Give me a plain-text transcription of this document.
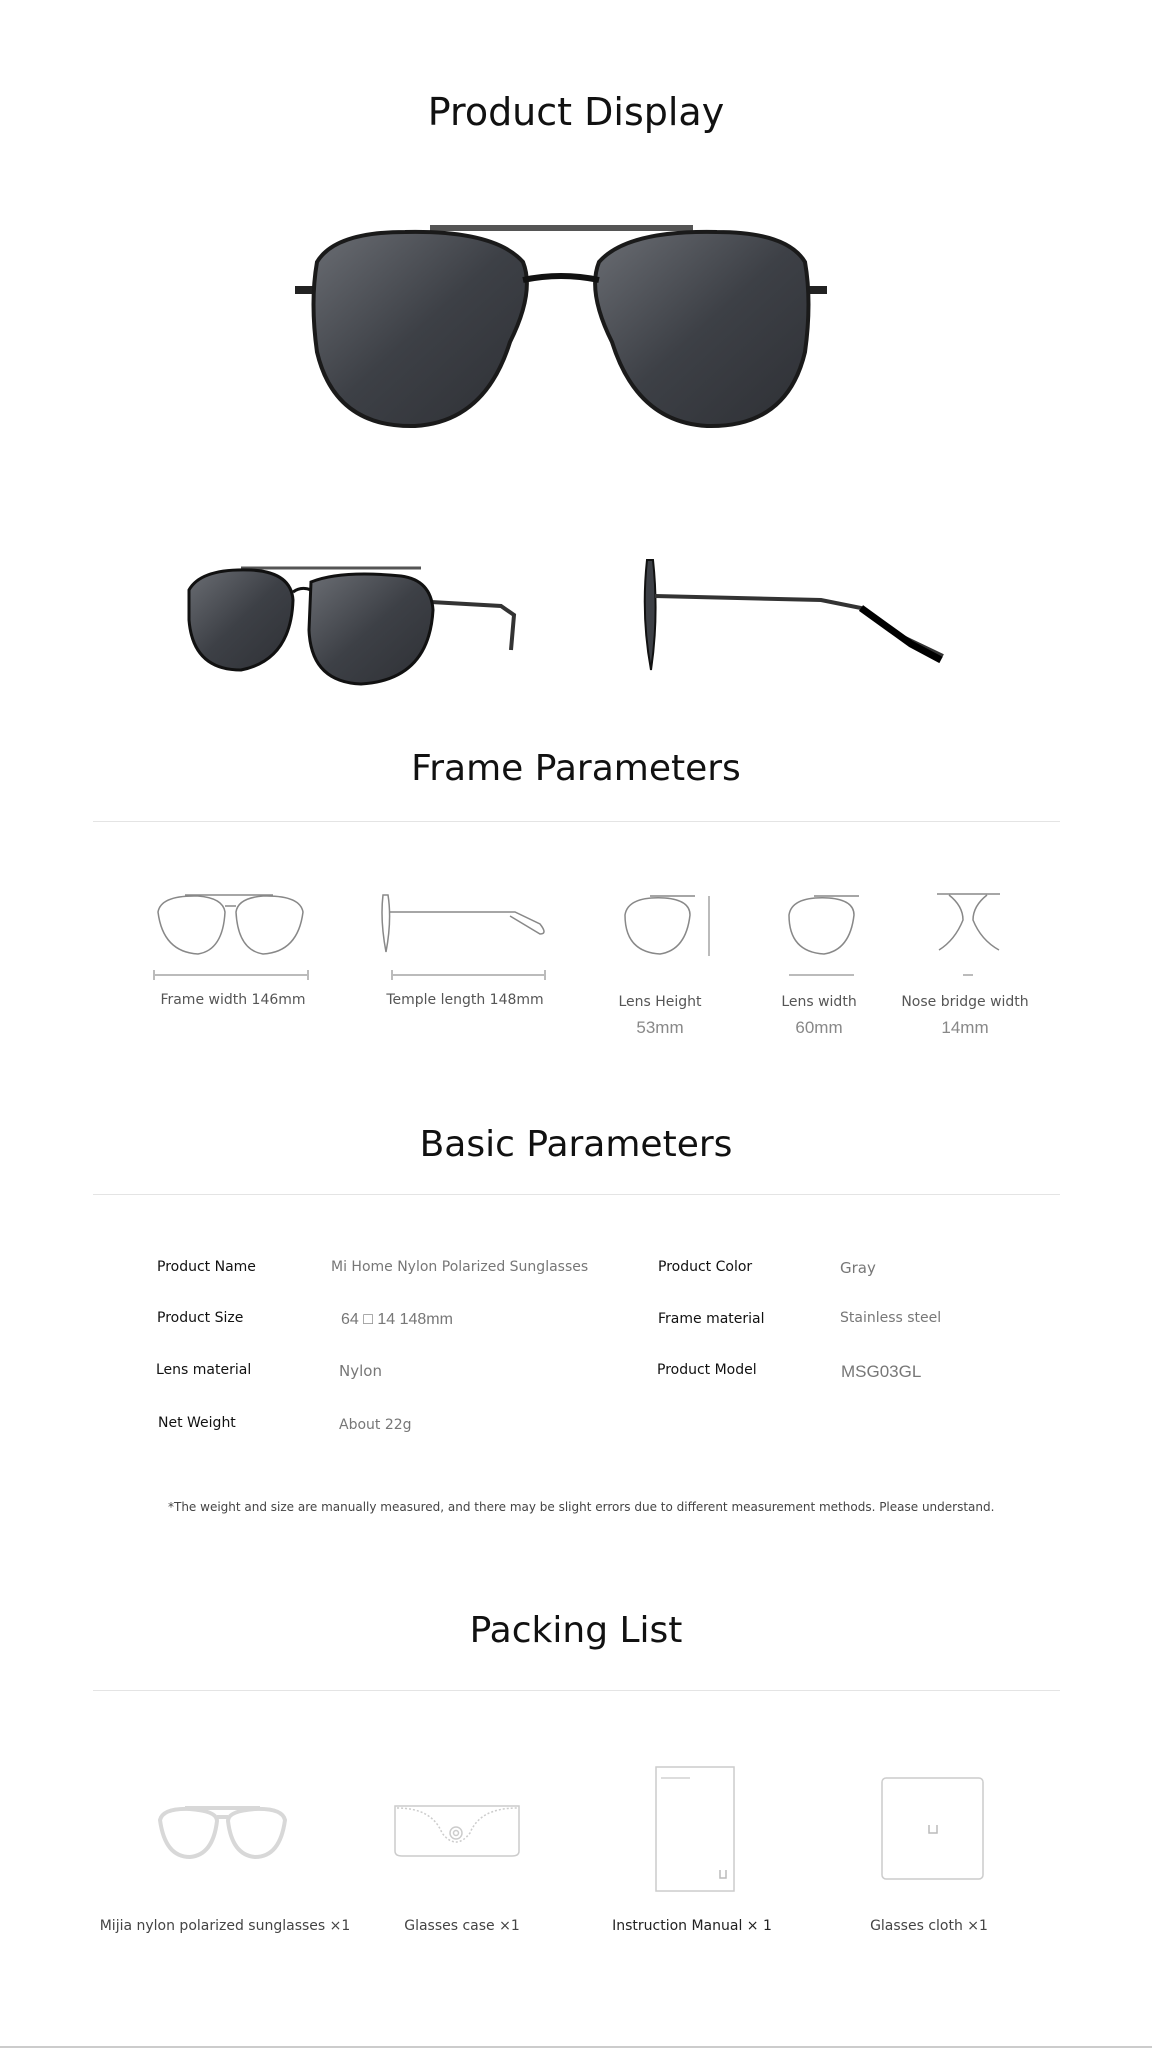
Product Display
Frame Parameters
Frame width 146mm	Temple length 148mm	Lens Height
53mm
Lens width
60mm
Nose bridge width
14mm
Basic Parameters
Product Name	Mi Home Nylon Polarized Sunglasses	Product Color	Gray
Product Size	64 □ 14 148mm	Frame material	Stainless steel
Lens material	Nylon	Product Model	MSG03GL
Net Weight	About 22g
*The weight and size are manually measured, and there may be slight errors due to different measurement methods. Please understand.
Packing List
Mijia nylon polarized sunglasses ×1	Glasses case ×1	Instruction Manual × 1	Glasses cloth ×1
